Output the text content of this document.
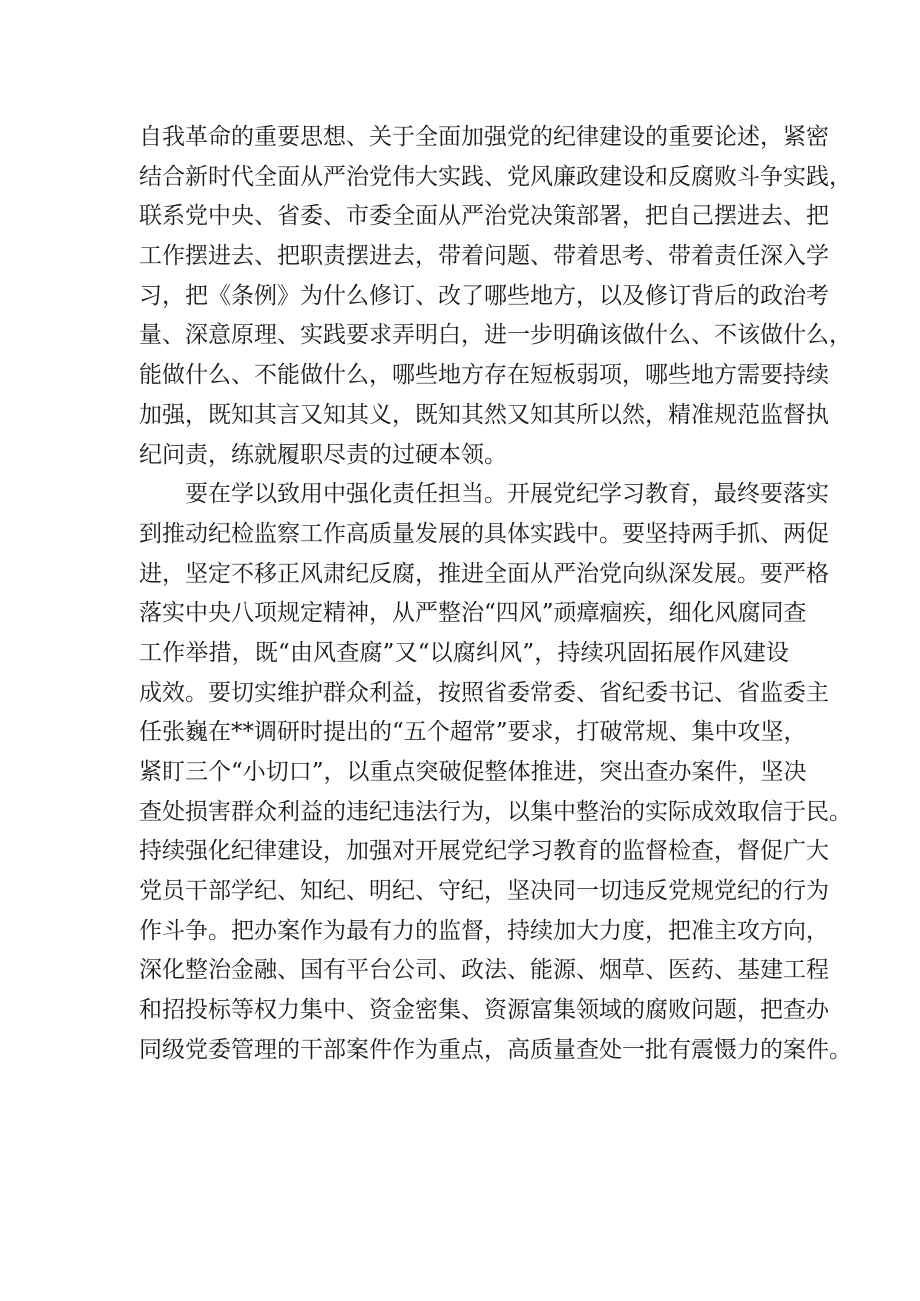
自我革命的重要思想、关于全面加强党的纪律建设的重要论述，紧密
结合新时代全面从严治党伟大实践、党风廉政建设和反腐败斗争实践，
联系党中央、省委、市委全面从严治党决策部署，把自己摆进去、把
工作摆进去、把职责摆进去，带着问题、带着思考、带着责任深入学
习，把《条例》为什么修订、改了哪些地方，以及修订背后的政治考
量、深意原理、实践要求弄明白，进一步明确该做什么、不该做什么，
能做什么、不能做什么，哪些地方存在短板弱项，哪些地方需要持续
加强，既知其言又知其义，既知其然又知其所以然，精准规范监督执
纪问责，练就履职尽责的过硬本领。
要在学以致用中强化责任担当。开展党纪学习教育，最终要落实
到推动纪检监察工作高质量发展的具体实践中。要坚持两手抓、两促
进，坚定不移正风肃纪反腐，推进全面从严治党向纵深发展。要严格
落实中央八项规定精神，从严整治“四风”顽瘴痼疾，细化风腐同查
工作举措，既“由风查腐”又“以腐纠风”，持续巩固拓展作风建设
成效。要切实维护群众利益，按照省委常委、省纪委书记、省监委主
任张巍在**调研时提出的“五个超常”要求，打破常规、集中攻坚，
紧盯三个“小切口”，以重点突破促整体推进，突出查办案件，坚决
查处损害群众利益的违纪违法行为，以集中整治的实际成效取信于民。
持续强化纪律建设，加强对开展党纪学习教育的监督检查，督促广大
党员干部学纪、知纪、明纪、守纪，坚决同一切违反党规党纪的行为
作斗争。把办案作为最有力的监督，持续加大力度，把准主攻方向，
深化整治金融、国有平台公司、政法、能源、烟草、医药、基建工程
和招投标等权力集中、资金密集、资源富集领域的腐败问题，把查办
同级党委管理的干部案件作为重点，高质量查处一批有震慑力的案件。
